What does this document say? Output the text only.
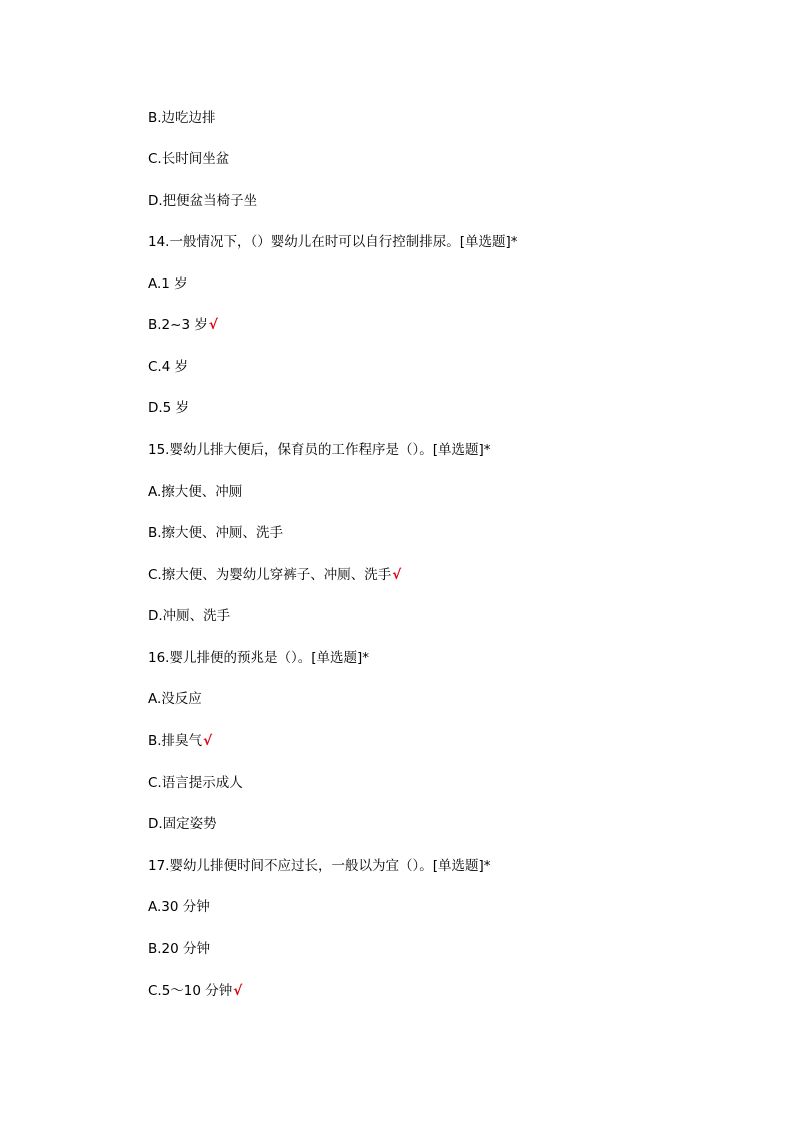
B.边吃边排
C.长时间坐盆
D.把便盆当椅子坐
14.一般情况下，（）婴幼儿在时可以自行控制排尿。[单选题]*
A.1 岁
B.2~3 岁√
C.4 岁
D.5 岁
15.婴幼儿排大便后，保育员的工作程序是（）。[单选题]*
A.擦大便、冲厕
B.擦大便、冲厕、洗手
C.擦大便、为婴幼儿穿裤子、冲厕、洗手√
D.冲厕、洗手
16.婴儿排便的预兆是（）。[单选题]*
A.没反应
B.排臭气√
C.语言提示成人
D.固定姿势
17.婴幼儿排便时间不应过长，一般以为宜（）。[单选题]*
A.30 分钟
B.20 分钟
C.5～10 分钟√
